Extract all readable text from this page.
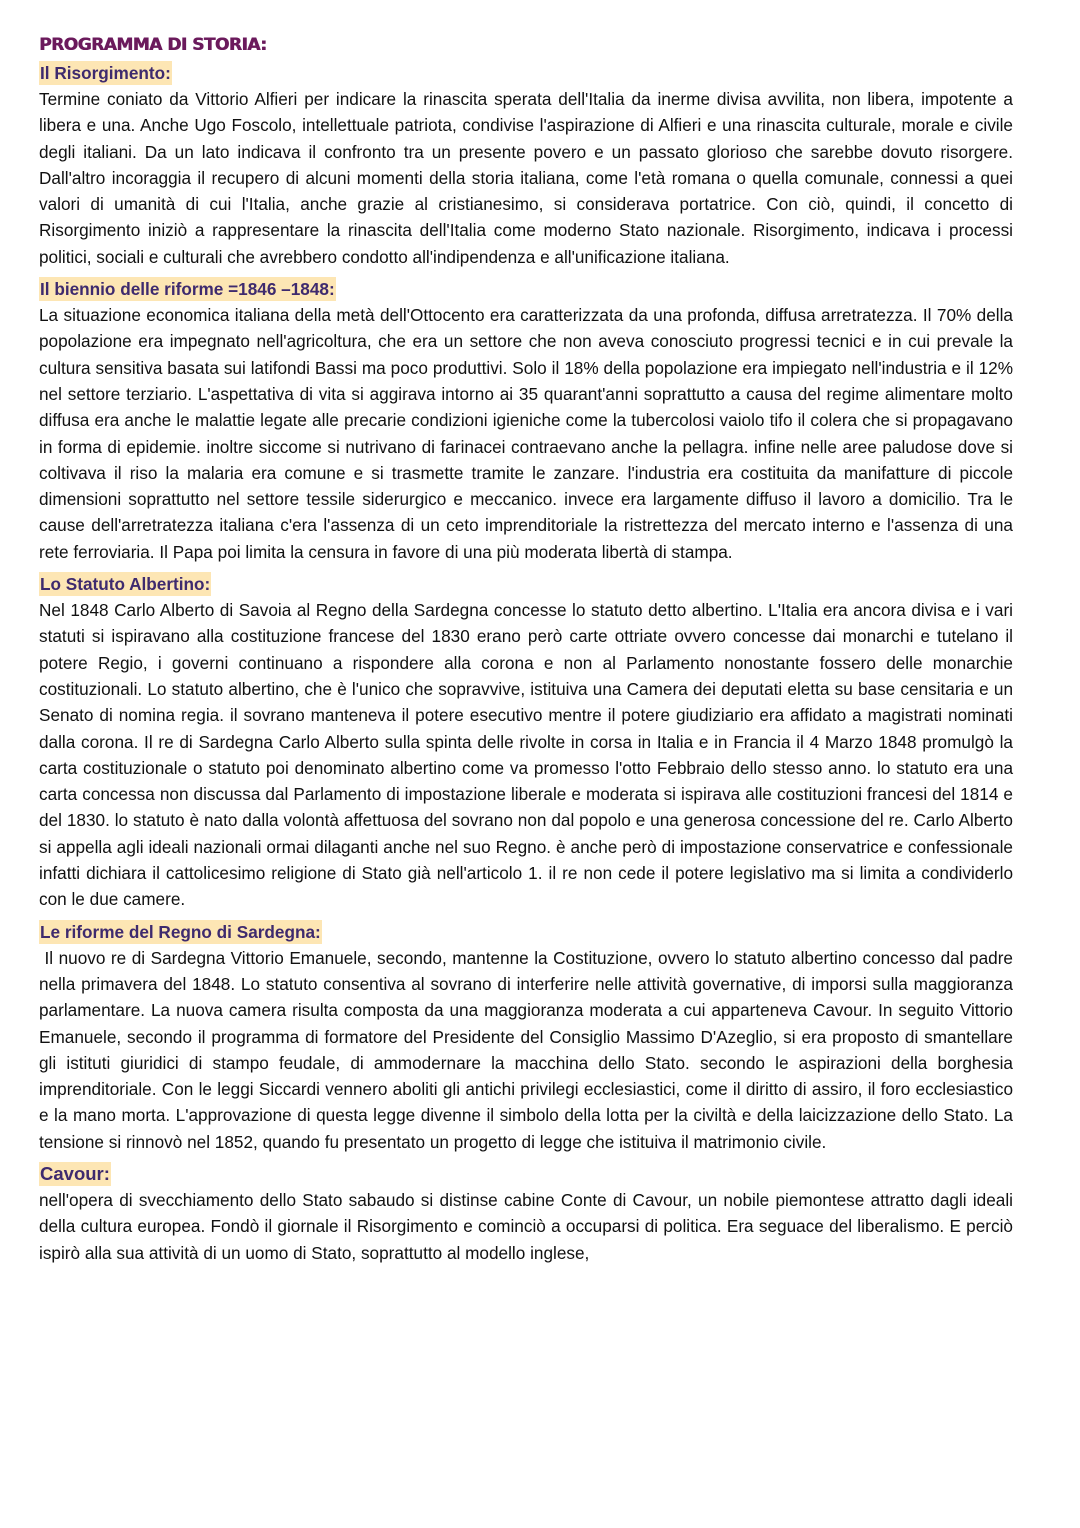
PROGRAMMA DI STORIA:
Il Risorgimento:

Termine coniato da Vittorio Alfieri per indicare la rinascita sperata dell'Italia da inerme divisa avvilita, non libera, impotente a libera e una. Anche Ugo Foscolo, intellettuale patriota, condivise l'aspirazione di Alfieri e una rinascita culturale, morale e civile degli italiani. Da un lato indicava il confronto tra un presente povero e un passato glorioso che sarebbe dovuto risorgere. Dall'altro incoraggia il recupero di alcuni momenti della storia italiana, come l'età romana o quella comunale, connessi a quei valori di umanità di cui l'Italia, anche grazie al cristianesimo, si considerava portatrice. Con ciò, quindi, il concetto di Risorgimento iniziò a rappresentare la rinascita dell'Italia come moderno Stato nazionale. Risorgimento, indicava i processi politici, sociali e culturali che avrebbero condotto all'indipendenza e all'unificazione italiana.

Il biennio delle riforme =1846 –1848:

La situazione economica italiana della metà dell'Ottocento era caratterizzata da una profonda, diffusa arretratezza. Il 70% della popolazione era impegnato nell'agricoltura, che era un settore che non aveva conosciuto progressi tecnici e in cui prevale la cultura sensitiva basata sui latifondi Bassi ma poco produttivi. Solo il 18% della popolazione era impiegato nell'industria e il 12% nel settore terziario. L'aspettativa di vita si aggirava intorno ai 35 quarant'anni soprattutto a causa del regime alimentare molto diffusa era anche le malattie legate alle precarie condizioni igieniche come la tubercolosi vaiolo tifo il colera che si propagavano in forma di epidemie. inoltre siccome si nutrivano di farinacei contraevano anche la pellagra. infine nelle aree paludose dove si coltivava il riso la malaria era comune e si trasmette tramite le zanzare. l'industria era costituita da manifatture di piccole dimensioni soprattutto nel settore tessile siderurgico e meccanico. invece era largamente diffuso il lavoro a domicilio. Tra le cause dell'arretratezza italiana c'era l'assenza di un ceto imprenditoriale la ristrettezza del mercato interno e l'assenza di una rete ferroviaria. Il Papa poi limita la censura in favore di una più moderata libertà di stampa.

Lo Statuto Albertino:

Nel 1848 Carlo Alberto di Savoia al Regno della Sardegna concesse lo statuto detto albertino. L'Italia era ancora divisa e i vari statuti si ispiravano alla costituzione francese del 1830 erano però carte ottriate ovvero concesse dai monarchi e tutelano il potere Regio, i governi continuano a rispondere alla corona e non al Parlamento nonostante fossero delle monarchie costituzionali. Lo statuto albertino, che è l'unico che sopravvive, istituiva una Camera dei deputati eletta su base censitaria e un Senato di nomina regia. il sovrano manteneva il potere esecutivo mentre il potere giudiziario era affidato a magistrati nominati dalla corona. Il re di Sardegna Carlo Alberto sulla spinta delle rivolte in corsa in Italia e in Francia il 4 Marzo 1848 promulgò la carta costituzionale o statuto poi denominato albertino come va promesso l'otto Febbraio dello stesso anno. lo statuto era una carta concessa non discussa dal Parlamento di impostazione liberale e moderata si ispirava alle costituzioni francesi del 1814 e del 1830. lo statuto è nato dalla volontà affettuosa del sovrano non dal popolo e una generosa concessione del re. Carlo Alberto si appella agli ideali nazionali ormai dilaganti anche nel suo Regno. è anche però di impostazione conservatrice e confessionale infatti dichiara il cattolicesimo religione di Stato già nell'articolo 1. il re non cede il potere legislativo ma si limita a condividerlo con le due camere.

Le riforme del Regno di Sardegna:

Il nuovo re di Sardegna Vittorio Emanuele, secondo, mantenne la Costituzione, ovvero lo statuto albertino concesso dal padre nella primavera del 1848. Lo statuto consentiva al sovrano di interferire nelle attività governative, di imporsi sulla maggioranza parlamentare. La nuova camera risulta composta da una maggioranza moderata a cui apparteneva Cavour. In seguito Vittorio Emanuele, secondo il programma di formatore del Presidente del Consiglio Massimo D'Azeglio, si era proposto di smantellare gli istituti giuridici di stampo feudale, di ammodernare la macchina dello Stato. secondo le aspirazioni della borghesia imprenditoriale. Con le leggi Siccardi vennero aboliti gli antichi privilegi ecclesiastici, come il diritto di assiro, il foro ecclesiastico e la mano morta. L'approvazione di questa legge divenne il simbolo della lotta per la civiltà e della laicizzazione dello Stato. La tensione si rinnovò nel 1852, quando fu presentato un progetto di legge che istituiva il matrimonio civile.

Cavour:

nell'opera di svecchiamento dello Stato sabaudo si distinse cabine Conte di Cavour, un nobile piemontese attratto dagli ideali della cultura europea. Fondò il giornale il Risorgimento e cominciò a occuparsi di politica. Era seguace del liberalismo. E perciò ispirò alla sua attività di un uomo di Stato, soprattutto al modello inglese,
